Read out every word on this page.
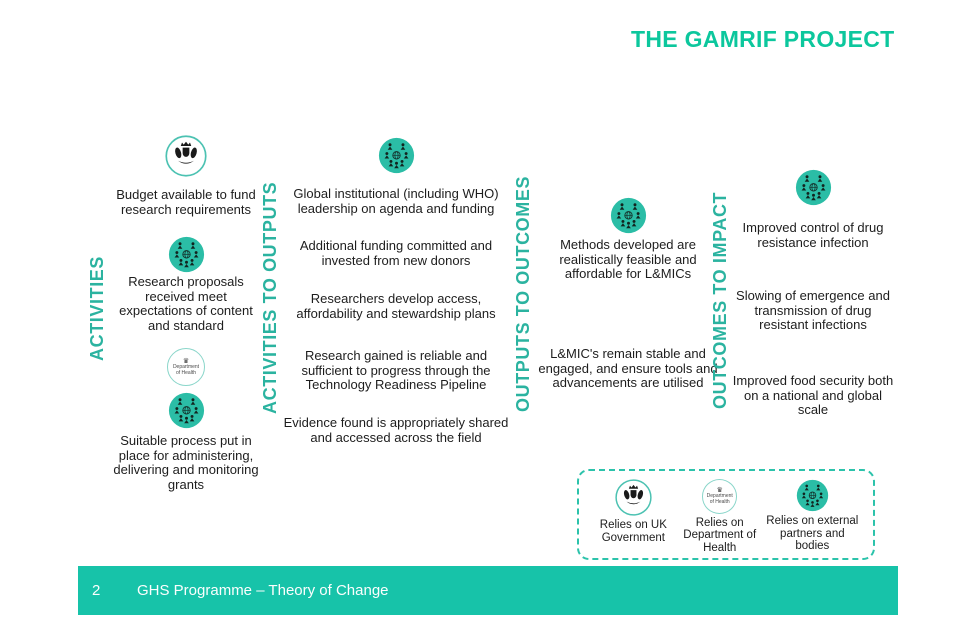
THE GAMRIF PROJECT
ACTIVITIES
Budget available to fund research requirements
Research proposals received meet expectations of content and standard
♛
Department
of Health
Suitable process put in place for administering, delivering and monitoring grants
ACTIVITIES TO OUTPUTS	Global institutional (including WHO) leadership on agenda and funding
Additional funding committed and invested from new donors
Researchers develop access, affordability and stewardship plans
Research gained is reliable and sufficient to progress through the Technology Readiness Pipeline
Evidence found is appropriately shared and accessed across the field
OUTPUTS TO OUTCOMES	Methods developed are realistically feasible and affordable for L&MICs
L&MIC's remain stable and engaged, and ensure tools and advancements are utilised OUTCOMES TO IMPACT Improved control of drug resistance infection
Slowing of emergence and transmission of drug resistant infections
Improved food security both on a national and global scale
Relies on UK Government
♛
Department
of Health
Relies on Department of Health
Relies on external partners and bodies
2 GHS Programme – Theory of Change
